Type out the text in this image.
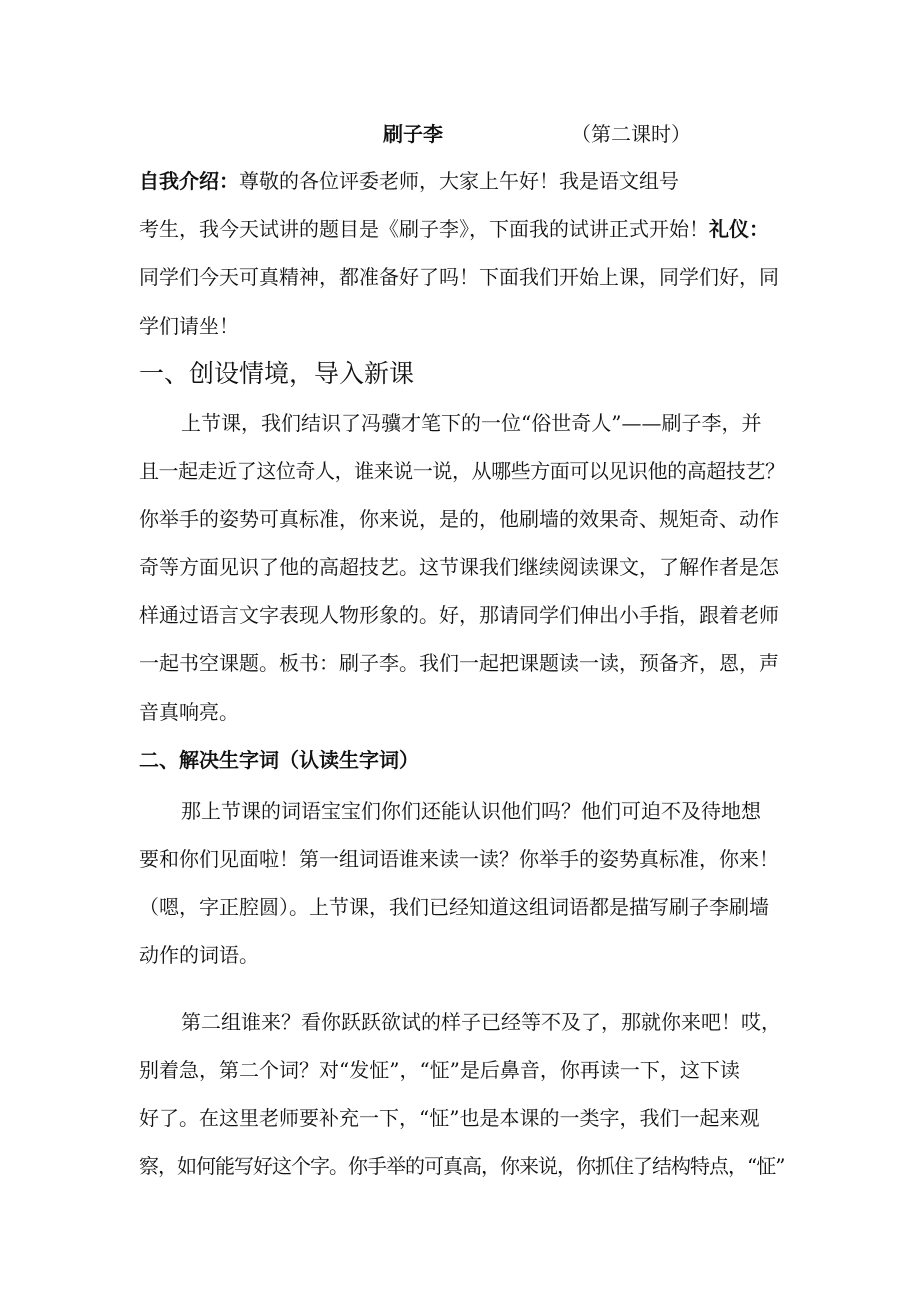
刷子李	（第二课时）
自我介绍：尊敬的各位评委老师，大家上午好！我是语文组号
考生，我今天试讲的题目是《刷子李》，下面我的试讲正式开始！礼仪：
同学们今天可真精神，都准备好了吗！下面我们开始上课，同学们好，同
学们请坐！
一、创设情境，导入新课
上节课，我们结识了冯骥才笔下的一位“俗世奇人”——刷子李，并
且一起走近了这位奇人，谁来说一说，从哪些方面可以见识他的高超技艺？
你举手的姿势可真标准，你来说，是的，他刷墙的效果奇、规矩奇、动作
奇等方面见识了他的高超技艺。这节课我们继续阅读课文，了解作者是怎
样通过语言文字表现人物形象的。好，那请同学们伸出小手指，跟着老师
一起书空课题。板书：刷子李。我们一起把课题读一读，预备齐，恩，声
音真响亮。
二、解决生字词（认读生字词）
那上节课的词语宝宝们你们还能认识他们吗？他们可迫不及待地想
要和你们见面啦！第一组词语谁来读一读？你举手的姿势真标准，你来！
（嗯，字正腔圆）。上节课，我们已经知道这组词语都是描写刷子李刷墙
动作的词语。
第二组谁来？看你跃跃欲试的样子已经等不及了，那就你来吧！哎，
别着急，第二个词？对“发怔”，“怔”是后鼻音，你再读一下，这下读
好了。在这里老师要补充一下，“怔”也是本课的一类字，我们一起来观
察，如何能写好这个字。你手举的可真高，你来说，你抓住了结构特点，“怔”
